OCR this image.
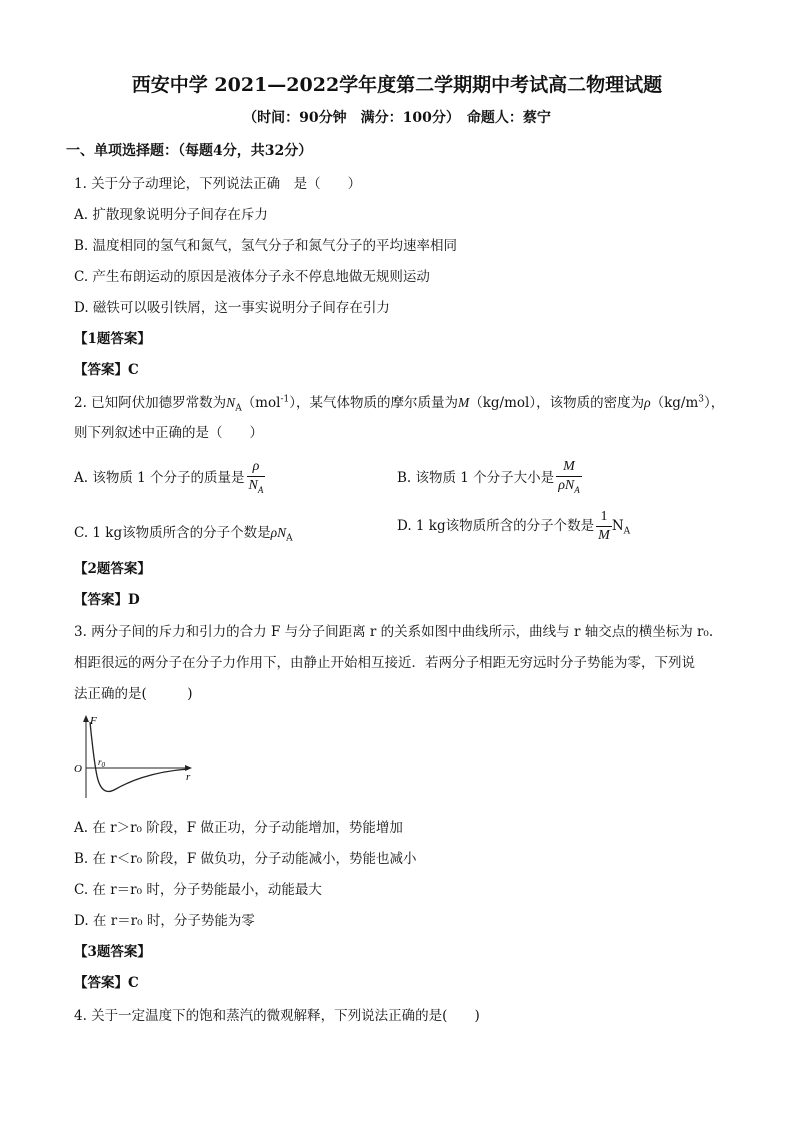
西安中学 2021—2022学年度第二学期期中考试高二物理试题
（时间：90分钟　满分：100分）　命题人：蔡宁
一、单项选择题：（每题4分，共32分）
1. 关于分子动理论，下列说法正确　是（　　）
A. 扩散现象说明分子间存在斥力
B. 温度相同的氢气和氮气，氢气分子和氮气分子的平均速率相同
C. 产生布朗运动的原因是液体分子永不停息地做无规则运动
D. 磁铁可以吸引铁屑，这一事实说明分子间存在引力
【1题答案】
【答案】C
2. 已知阿伏加德罗常数为$N_A(mol^{-1})$，某气体物质的摩尔质量为M（kg/mol），该物质的密度为$\rho(kg/m^3)$，
则下列叙述中正确的是（　　）
A. 该物质 1 个分子的质量是 $\frac{\rho}{N_A}$	B. 该物质 1 个分子大小是 $\frac{M}{\rho N_A}$
C. 1 kg该物质所含的分子个数是$\rho N_A$
D. 1 kg该物质所含的分子个数是 $\frac{1}{M} N_A$
【2题答案】
【答案】D
3. 两分子间的斥力和引力的合力 F 与分子间距离 r 的关系如图中曲线所示，曲线与 r 轴交点的横坐标为 r₀.
相距很远的两分子在分子力作用下，由静止开始相互接近．若两分子相距无穷远时分子势能为零，下列说
法正确的是(　　　)
F
O
r
$r_0$
A. 在 r＞r₀ 阶段，F 做正功，分子动能增加，势能增加
B. 在 r＜r₀ 阶段，F 做负功，分子动能减小，势能也减小
C. 在 r＝r₀ 时，分子势能最小，动能最大
D. 在 r＝r₀ 时，分子势能为零
【3题答案】
【答案】C
4. 关于一定温度下的饱和蒸汽的微观解释，下列说法正确的是(　　)
